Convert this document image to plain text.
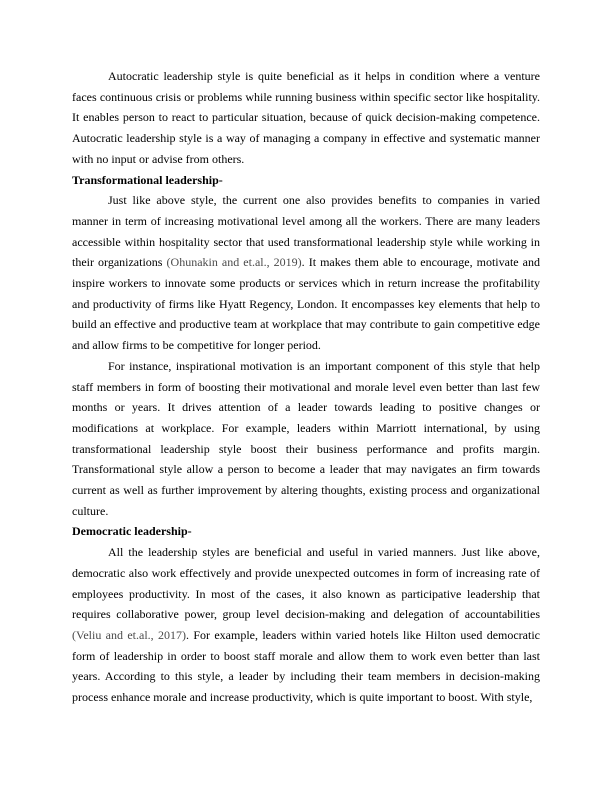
Autocratic leadership style is quite beneficial as it helps in condition where a venture faces continuous crisis or problems while running business within specific sector like hospitality. It enables person to react to particular situation, because of quick decision-making competence. Autocratic leadership style is a way of managing a company in effective and systematic manner with no input or advise from others.

Transformational leadership-

Just like above style, the current one also provides benefits to companies in varied manner in term of increasing motivational level among all the workers. There are many leaders accessible within hospitality sector that used transformational leadership style while working in their organizations (Ohunakin and et.al., 2019). It makes them able to encourage, motivate and inspire workers to innovate some products or services which in return increase the profitability and productivity of firms like Hyatt Regency, London. It encompasses key elements that help to build an effective and productive team at workplace that may contribute to gain competitive edge and allow firms to be competitive for longer period.

For instance, inspirational motivation is an important component of this style that help staff members in form of boosting their motivational and morale level even better than last few months or years. It drives attention of a leader towards leading to positive changes or modifications at workplace. For example, leaders within Marriott international, by using transformational leadership style boost their business performance and profits margin. Transformational style allow a person to become a leader that may navigates an firm towards current as well as further improvement by altering thoughts, existing process and organizational culture.

Democratic leadership-

All the leadership styles are beneficial and useful in varied manners. Just like above, democratic also work effectively and provide unexpected outcomes in form of increasing rate of employees productivity. In most of the cases, it also known as participative leadership that requires collaborative power, group level decision-making and delegation of accountabilities (Veliu and et.al., 2017). For example, leaders within varied hotels like Hilton used democratic form of leadership in order to boost staff morale and allow them to work even better than last years. According to this style, a leader by including their team members in decision-making process enhance morale and increase productivity, which is quite important to boost. With style,
